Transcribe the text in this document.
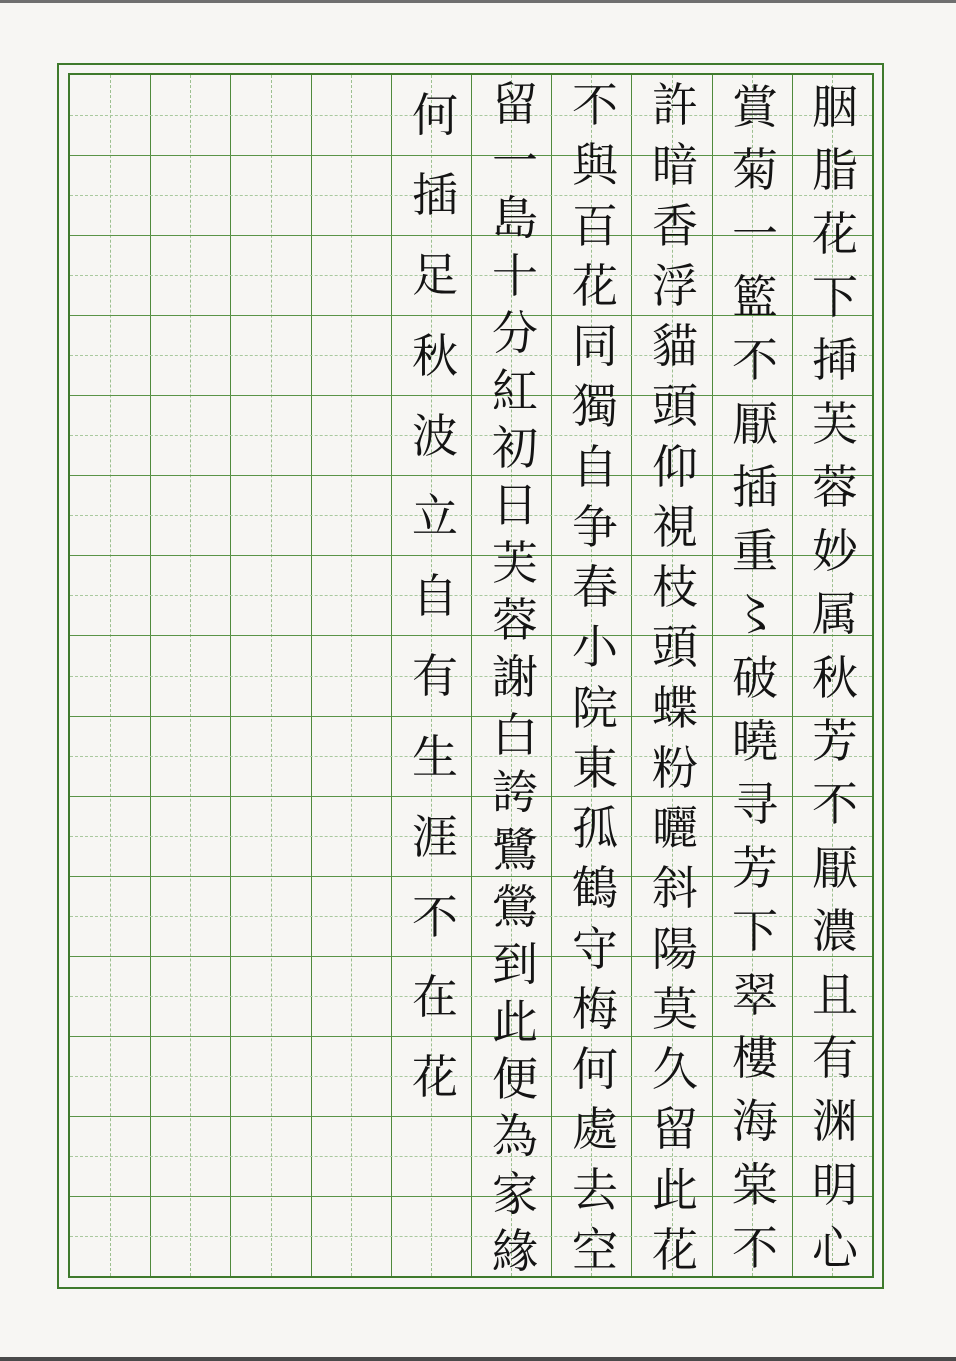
胭
脂
花
下
揷
芙
蓉
妙
属
秋
芳
不
厭
濃
且
有
渊
明
心
賞
菊
一
籃
不
厭
插
重
〻
破
曉
寻
芳
下
翠
樓
海
棠
不
許
暗
香
浮
貓
頭
仰
視
枝
頭
蝶
粉
曬
斜
陽
莫
久
留
此
花
不
與
百
花
同
獨
自
争
春
小
院
東
孤
鶴
守
梅
何
處
去
空
留
一
島
十
分
紅
初
日
芙
蓉
謝
白
誇
鷺
鶯
到
此
便
為
家
緣
何
插
足
秋
波
立
自
有
生
涯
不
在
花
